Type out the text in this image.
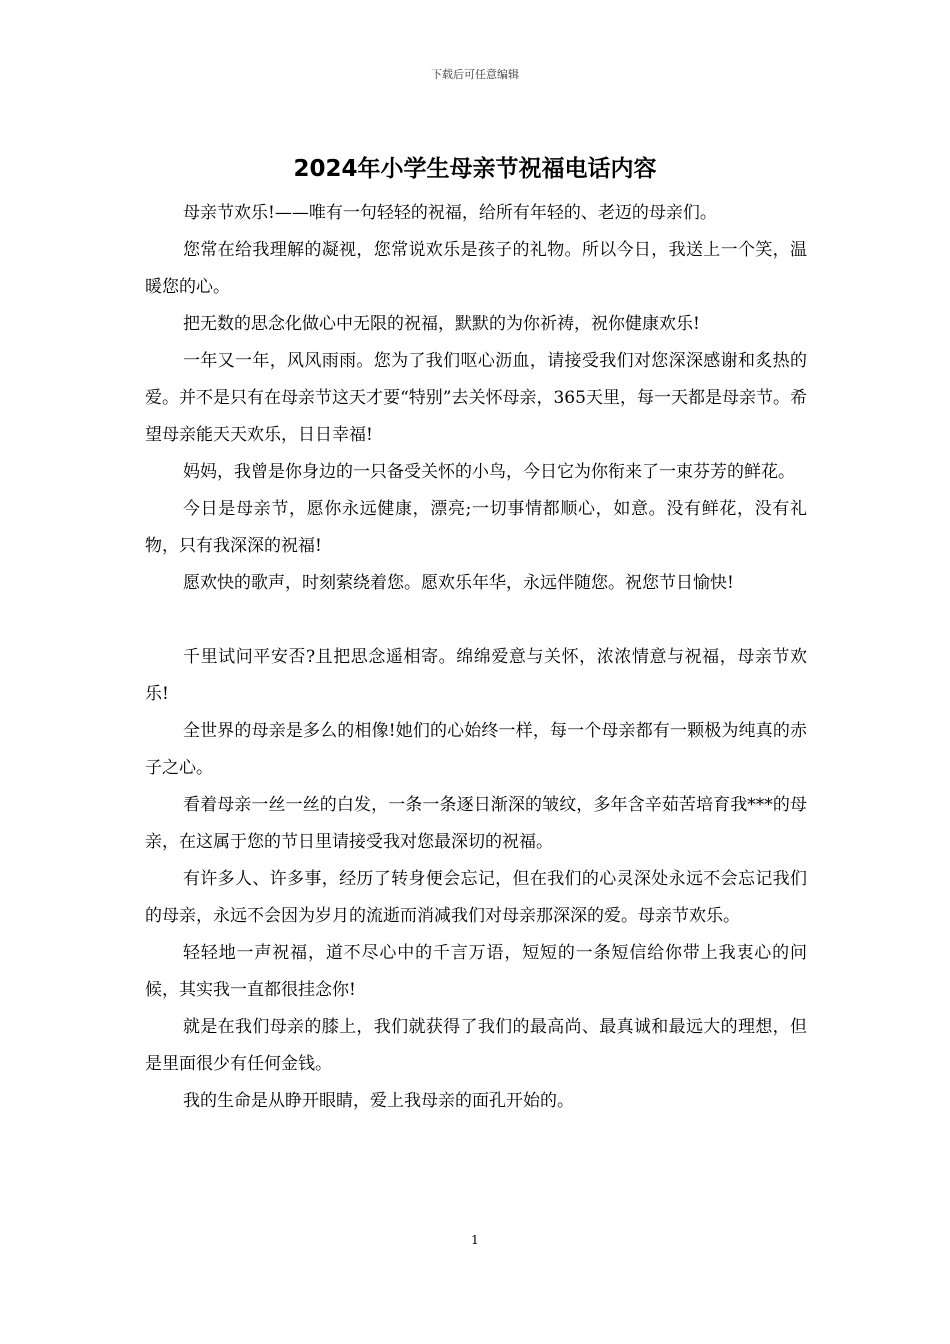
下载后可任意编辑
2024年小学生母亲节祝福电话内容

母亲节欢乐!——唯有一句轻轻的祝福，给所有年轻的、老迈的母亲们。

您常在给我理解的凝视，您常说欢乐是孩子的礼物。所以今日，我送上一个笑，温暖您的心。

把无数的思念化做心中无限的祝福，默默的为你祈祷，祝你健康欢乐!

一年又一年，风风雨雨。您为了我们呕心沥血，请接受我们对您深深感谢和炙热的爱。并不是只有在母亲节这天才要“特别”去关怀母亲，365天里，每一天都是母亲节。希望母亲能天天欢乐，日日幸福!

妈妈，我曾是你身边的一只备受关怀的小鸟，今日它为你衔来了一束芬芳的鲜花。

今日是母亲节，愿你永远健康，漂亮;一切事情都顺心，如意。没有鲜花，没有礼物，只有我深深的祝福!

愿欢快的歌声，时刻萦绕着您。愿欢乐年华，永远伴随您。祝您节日愉快!

千里试问平安否?且把思念遥相寄。绵绵爱意与关怀，浓浓情意与祝福，母亲节欢乐!

全世界的母亲是多么的相像!她们的心始终一样，每一个母亲都有一颗极为纯真的赤子之心。

看着母亲一丝一丝的白发，一条一条逐日渐深的皱纹，多年含辛茹苦培育我***的母亲，在这属于您的节日里请接受我对您最深切的祝福。

有许多人、许多事，经历了转身便会忘记，但在我们的心灵深处永远不会忘记我们的母亲，永远不会因为岁月的流逝而消减我们对母亲那深深的爱。母亲节欢乐。

轻轻地一声祝福，道不尽心中的千言万语，短短的一条短信给你带上我衷心的问候，其实我一直都很挂念你!

就是在我们母亲的膝上，我们就获得了我们的最高尚、最真诚和最远大的理想，但是里面很少有任何金钱。

我的生命是从睁开眼睛，爱上我母亲的面孔开始的。

1
